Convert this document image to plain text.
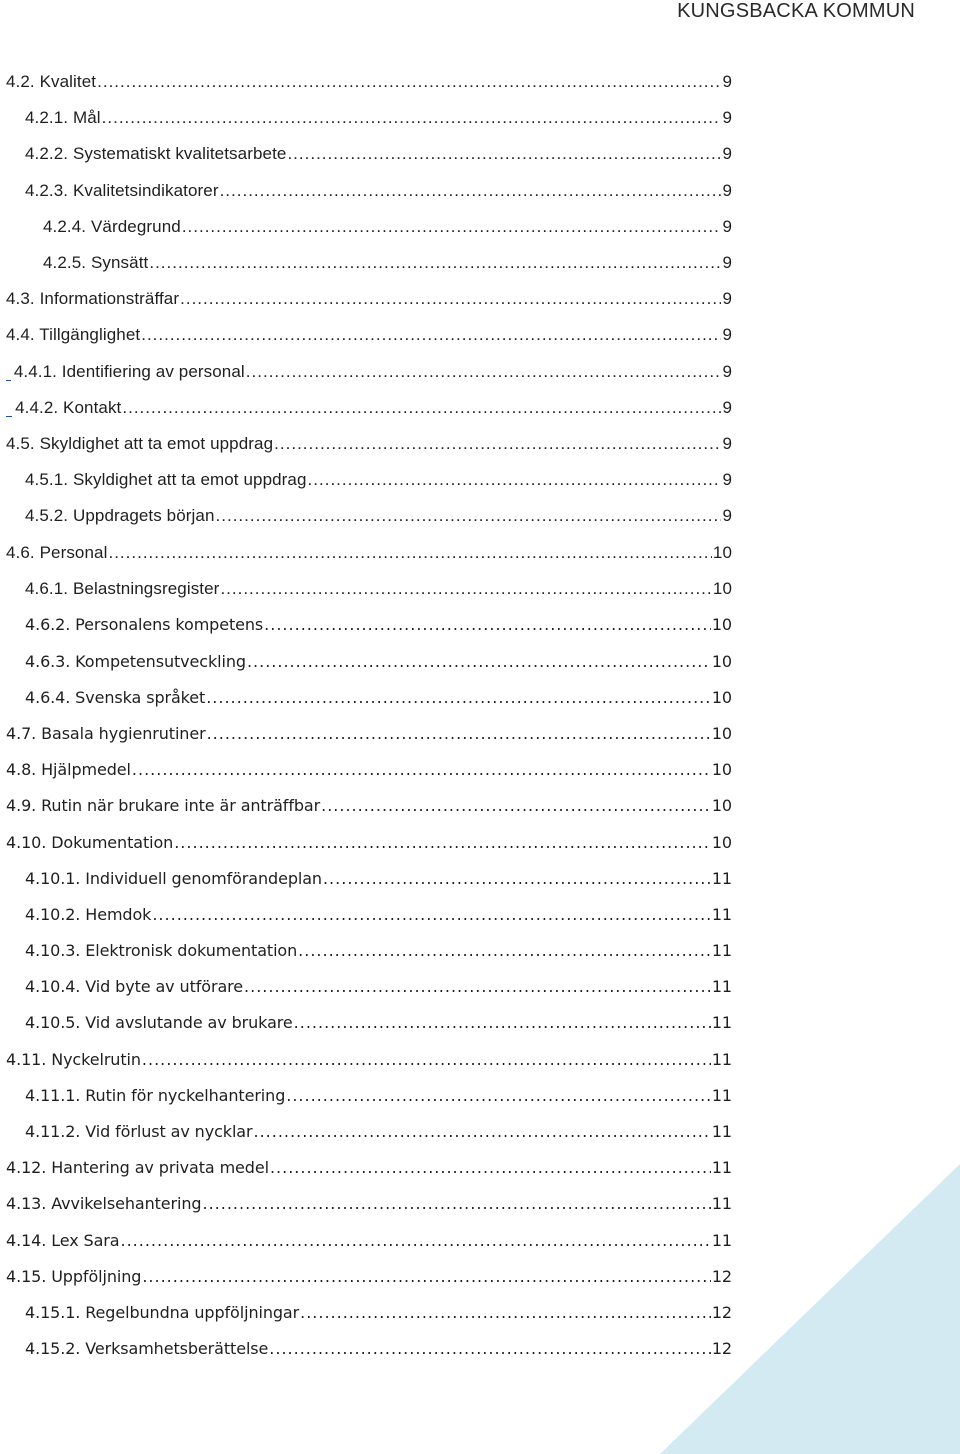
KUNGSBACKA KOMMUN
4.2. Kvalitet .....	9
4.2.1. Mål .....	9
4.2.2. Systematiskt kvalitetsarbete .....	9
4.2.3. Kvalitetsindikatorer .....	9
4.2.4. Värdegrund .....	9
4.2.5. Synsätt .....	9
4.3. Informationsträffar .....	9
4.4. Tillgänglighet .....	9
4.4.1. Identifiering av personal .....	9
4.4.2. Kontakt .....	9
4.5. Skyldighet att ta emot uppdrag .....	9
4.5.1. Skyldighet att ta emot uppdrag .....	9
4.5.2. Uppdragets början .....	9
4.6. Personal .....	10
4.6.1. Belastningsregister .....	10
4.6.2. Personalens kompetens .....	10
4.6.3. Kompetensutveckling .....	10
4.6.4. Svenska språket .....	10
4.7. Basala hygienrutiner .....	10
4.8. Hjälpmedel .....	10
4.9. Rutin när brukare inte är anträffbar .....	10
4.10. Dokumentation .....	10
4.10.1. Individuell genomförandeplan .....	11
4.10.2. Hemdok .....	11
4.10.3. Elektronisk dokumentation .....	11
4.10.4. Vid byte av utförare .....	11
4.10.5. Vid avslutande av brukare .....	11
4.11. Nyckelrutin .....	11
4.11.1. Rutin för nyckelhantering .....	11
4.11.2. Vid förlust av nycklar .....	11
4.12. Hantering av privata medel .....	11
4.13. Avvikelsehantering .....	11
4.14. Lex Sara .....	11
4.15. Uppföljning .....	12
4.15.1. Regelbundna uppföljningar .....	12
4.15.2. Verksamhetsberättelse .....	12
